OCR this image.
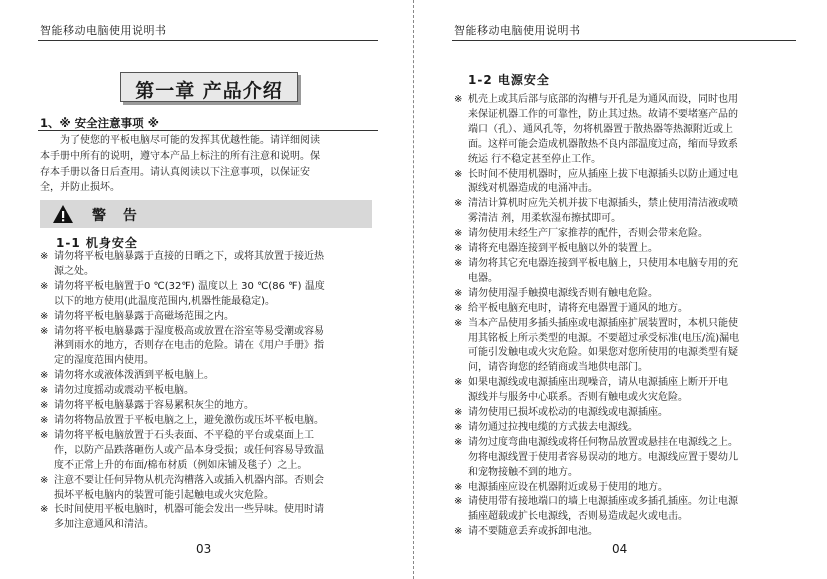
智能移动电脑使用说明书
第一章 产品介绍
1、※ 安全注意事项 ※
为了使您的平板电脑尽可能的发挥其优越性能。请详细阅读
本手册中所有的说明，遵守本产品上标注的所有注意和说明。保
存本手册以备日后查用。请认真阅读以下注意事项，以保证安
全，并防止损坏。
警 告
1-1 机身安全
※ 请勿将平板电脑暴露于直接的日晒之下，或将其放置于接近热
源之处。
※ 请勿将平板电脑置于0 ℃(32℉) 温度以上 30 ℃(86 ℉) 温度
以下的地方使用(此温度范围内,机器性能最稳定)。
※ 请勿将平板电脑暴露于高磁场范围之内。
※ 请勿将平板电脑暴露于湿度极高或放置在浴室等易受潮或容易
淋到雨水的地方，否则存在电击的危险。请在《用户手册》指
定的湿度范围内使用。
※ 请勿将水或液体泼洒到平板电脑上。
※ 请勿过度摇动或震动平板电脑。
※ 请勿将平板电脑暴露于容易累积灰尘的地方。
※ 请勿将物品放置于平板电脑之上，避免激伤或压坏平板电脑。
※ 请勿将平板电脑放置于石头表面、不平稳的平台或桌面上工
作，以防产品跌落砸伤人或产品本身受损；或任何容易导致温
度不正常上升的布面/棉布材质（例如床铺及毯子）之上。
※ 注意不要让任何异物从机壳沟槽落入或插入机器内部。否则会
损坏平板电脑内的装置可能引起触电或火灾危险。
※ 长时间使用平板电脑时，机器可能会发出一些异味。使用时请
多加注意通风和清洁。
03
智能移动电脑使用说明书
1-2 电源安全
※ 机壳上或其后部与底部的沟槽与开孔是为通风而设，同时也用
来保证机器工作的可靠性，防止其过热。故请不要堵塞产品的
端口（孔）、通风孔等，勿将机器置于散热器等热源附近或上
面。这样可能会造成机器散热不良内部温度过高，缩而导致系
统运 行不稳定甚至停止工作。
※ 长时间不使用机器时，应从插座上拔下电源插头以防止通过电
源线对机器造成的电涌冲击。
※ 清洁计算机时应先关机并拔下电源插头，禁止使用清洁液或喷
雾清洁 剂，用柔软湿布擦拭即可。
※ 请勿使用未经生产厂家推荐的配件，否则会带来危险。
※ 请将充电器连接到平板电脑以外的装置上。
※ 请勿将其它充电器连接到平板电脑上，只使用本电脑专用的充
电器。
※ 请勿使用湿手触摸电源线否则有触电危险。
※ 给平板电脑充电时，请将充电器置于通风的地方。
※ 当本产品使用多插头插座或电源插座扩展装置时，本机只能使
用其铭板上所示类型的电源。不要超过承受标准(电压/流)漏电
可能引发触电或火灾危险。如果您对您所使用的电源类型有疑
问，请咨询您的经销商或当地供电部门。
※ 如果电源线或电源插座出现噪音，请从电源插座上断开开电
源线并与服务中心联系。否则有触电或火灾危险。
※ 请勿使用已损坏或松动的电源线或电源插座。
※ 请勿通过拉拽电缆的方式拔去电源线。
※ 请勿过度弯曲电源线或将任何物品放置或悬挂在电源线之上。
勿将电源线置于使用者容易误动的地方。电源线应置于婴幼儿
和宠物接触不到的地方。
※ 电源插座应设在机器附近或易于使用的地方。
※ 请使用带有接地端口的墙上电源插座或多插孔插座。勿让电源
插座超载或扩长电源线，否则易造成起火或电击。
※ 请不要随意丢弃或拆卸电池。
04
